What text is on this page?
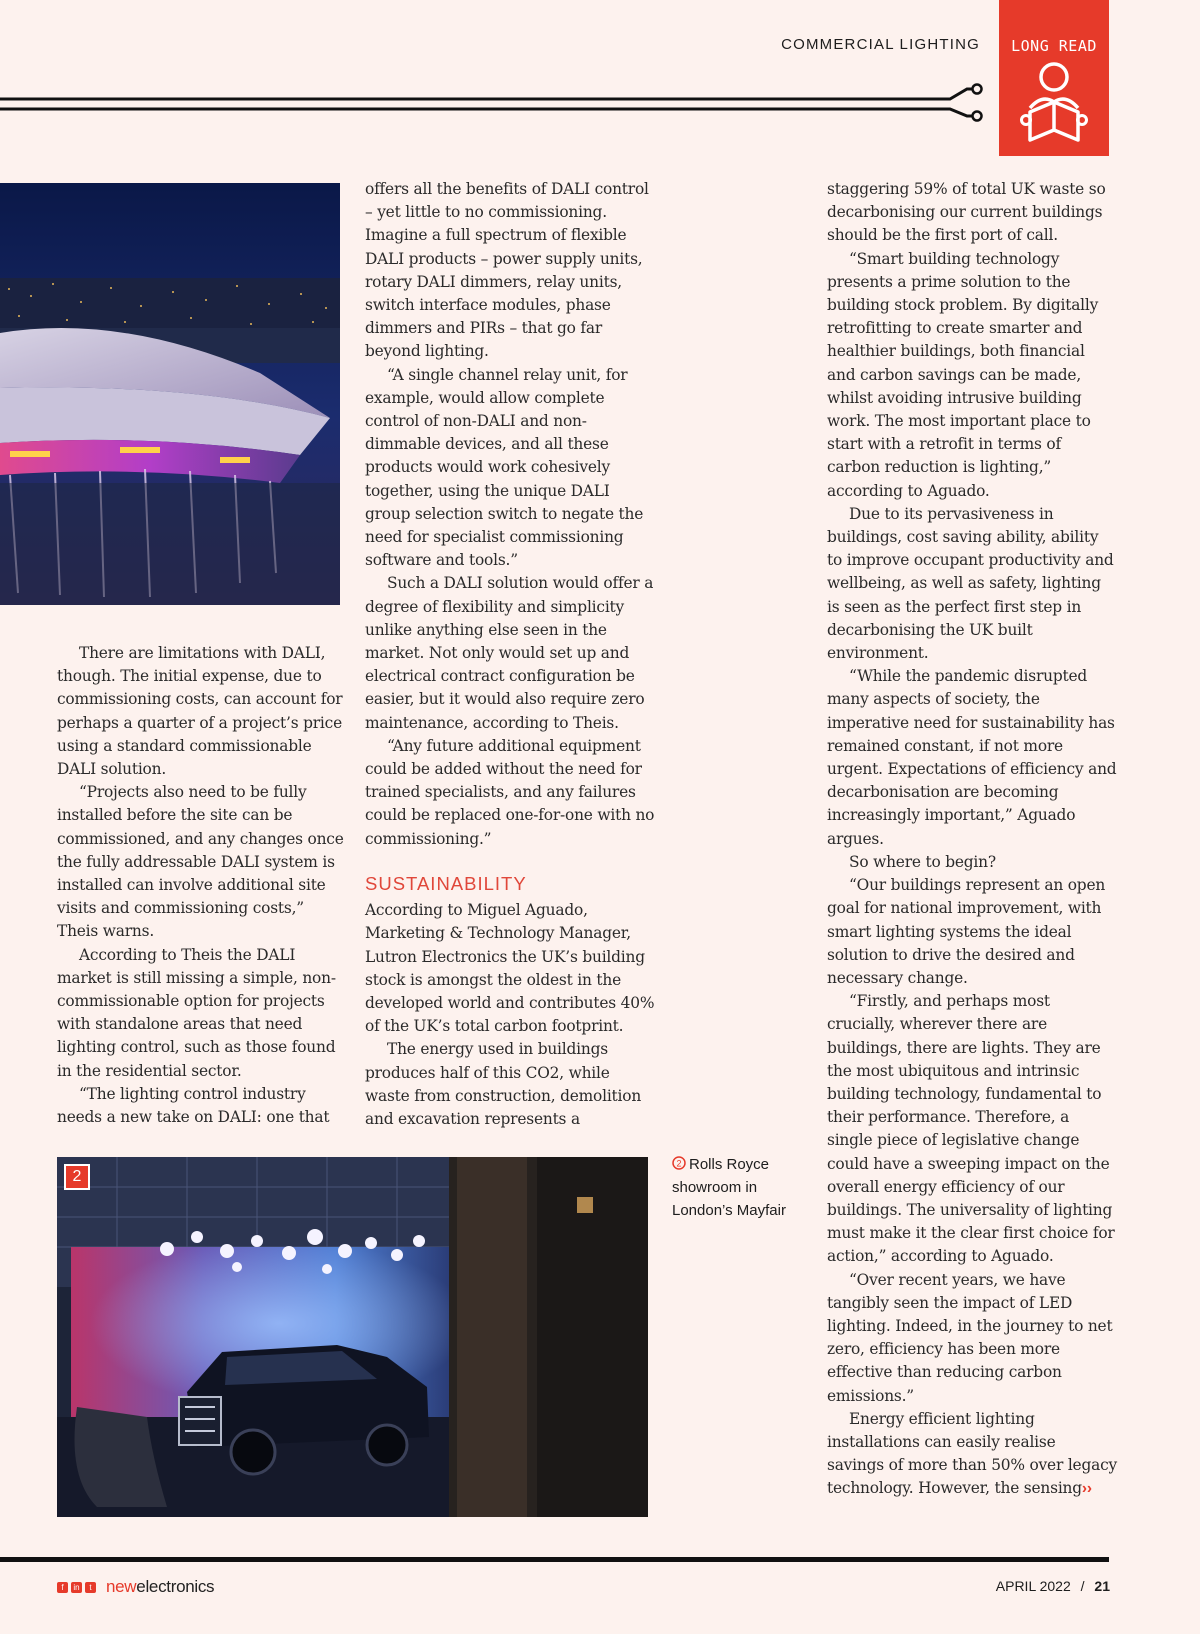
COMMERCIAL LIGHTING	LONG READ

There are limitations with DALI, though. The initial expense, due to commissioning costs, can account for perhaps a quarter of a project’s price using a standard commissionable DALI solution.

“Projects also need to be fully installed before the site can be commissioned, and any changes once the fully addressable DALI system is installed can involve additional site visits and commissioning costs,” Theis warns.

According to Theis the DALI market is still missing a simple, non-commissionable option for projects with standalone areas that need lighting control, such as those found in the residential sector.

“The lighting control industry needs a new take on DALI: one that

offers all the benefits of DALI control – yet little to no commissioning. Imagine a full spectrum of flexible DALI products – power supply units, rotary DALI dimmers, relay units, switch interface modules, phase dimmers and PIRs – that go far beyond lighting.

“A single channel relay unit, for example, would allow complete control of non-DALI and non-dimmable devices, and all these products would work cohesively together, using the unique DALI group selection switch to negate the need for specialist commissioning software and tools.”

Such a DALI solution would offer a degree of flexibility and simplicity unlike anything else seen in the market. Not only would set up and electrical contract configuration be easier, but it would also require zero maintenance, according to Theis.

“Any future additional equipment could be added without the need for trained specialists, and any failures could be replaced one-for-one with no commissioning.”

SUSTAINABILITY

According to Miguel Aguado, Marketing & Technology Manager, Lutron Electronics the UK’s building stock is amongst the oldest in the developed world and contributes 40% of the UK’s total carbon footprint.

The energy used in buildings produces half of this CO2, while waste from construction, demolition and excavation represents a

staggering 59% of total UK waste so decarbonising our current buildings should be the first port of call.

“Smart building technology presents a prime solution to the building stock problem. By digitally retrofitting to create smarter and healthier buildings, both financial and carbon savings can be made, whilst avoiding intrusive building work. The most important place to start with a retrofit in terms of carbon reduction is lighting,” according to Aguado.

Due to its pervasiveness in buildings, cost saving ability, ability to improve occupant productivity and wellbeing, as well as safety, lighting is seen as the perfect first step in decarbonising the UK built environment.

“While the pandemic disrupted many aspects of society, the imperative need for sustainability has remained constant, if not more urgent. Expectations of efficiency and decarbonisation are becoming increasingly important,” Aguado argues.

So where to begin?

“Our buildings represent an open goal for national improvement, with smart lighting systems the ideal solution to drive the desired and necessary change.

“Firstly, and perhaps most crucially, wherever there are buildings, there are lights. They are the most ubiquitous and intrinsic building technology, fundamental to their performance. Therefore, a single piece of legislative change could have a sweeping impact on the overall energy efficiency of our buildings. The universality of lighting must make it the clear first choice for action,” according to Aguado.

“Over recent years, we have tangibly seen the impact of LED lighting. Indeed, in the journey to net zero, efficiency has been more effective than reducing carbon emissions.”

Energy efficient lighting installations can easily realise savings of more than 50% over legacy technology. However, the sensing››

2
2 Rolls Royce showroom in London’s Mayfair
f	in	t newelectronics	APRIL 2022 / 21
